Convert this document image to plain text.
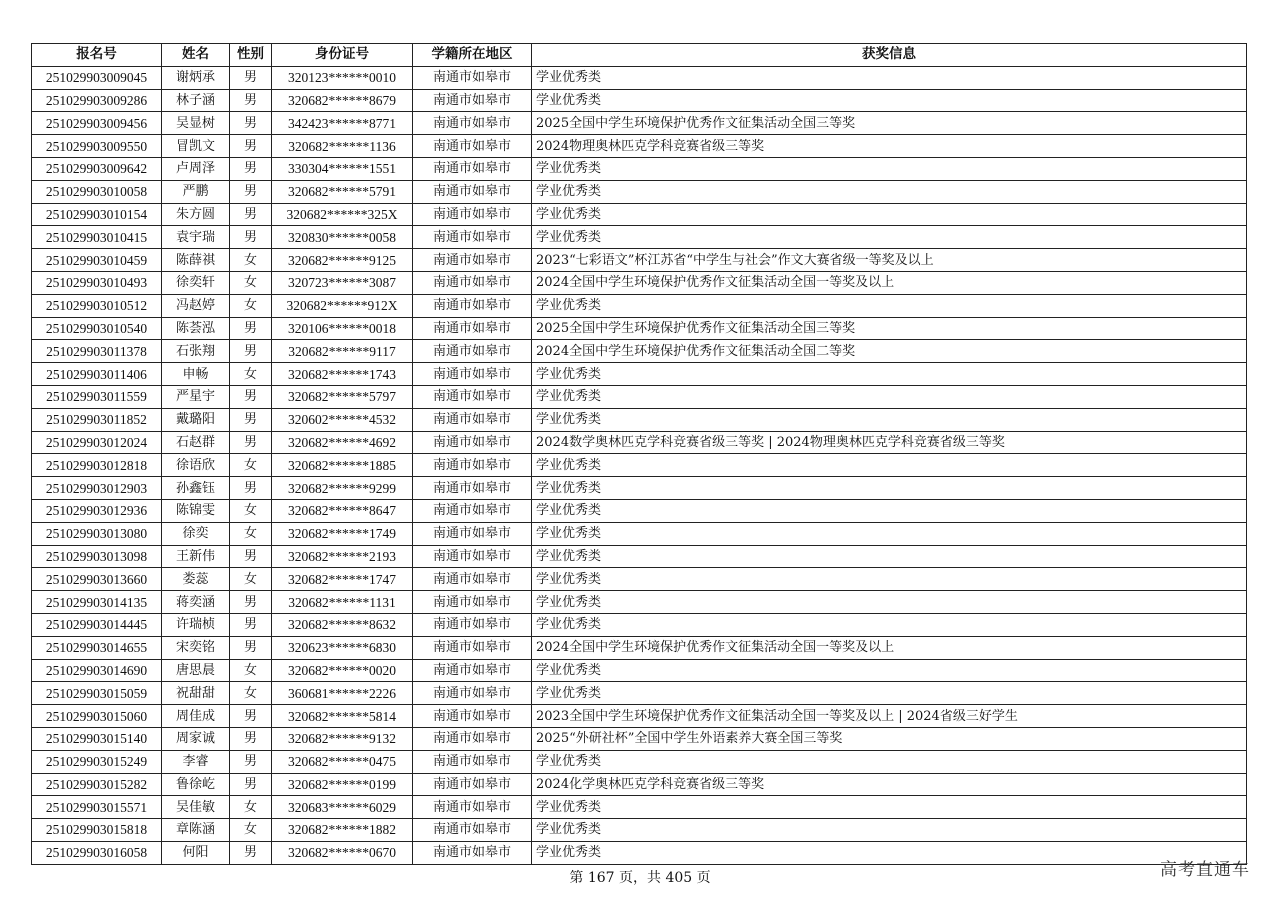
报名号	姓名	性别	身份证号	学籍所在地区	获奖信息
251029903009045	谢炳承	男	320123******0010	南通市如皋市	学业优秀类
251029903009286	林子涵	男	320682******8679	南通市如皋市	学业优秀类
251029903009456	吴显树	男	342423******8771	南通市如皋市	2025全国中学生环境保护优秀作文征集活动全国三等奖
251029903009550	冒凯文	男	320682******1136	南通市如皋市	2024物理奥林匹克学科竞赛省级三等奖
251029903009642	卢周泽	男	330304******1551	南通市如皋市	学业优秀类
251029903010058	严鹏	男	320682******5791	南通市如皋市	学业优秀类
251029903010154	朱方圆	男	320682******325X	南通市如皋市	学业优秀类
251029903010415	袁宇瑞	男	320830******0058	南通市如皋市	学业优秀类
251029903010459	陈薛祺	女	320682******9125	南通市如皋市	2023“七彩语文”杯江苏省“中学生与社会”作文大赛省级一等奖及以上
251029903010493	徐奕轩	女	320723******3087	南通市如皋市	2024全国中学生环境保护优秀作文征集活动全国一等奖及以上
251029903010512	冯赵婷	女	320682******912X	南通市如皋市	学业优秀类
251029903010540	陈荟泓	男	320106******0018	南通市如皋市	2025全国中学生环境保护优秀作文征集活动全国三等奖
251029903011378	石张翔	男	320682******9117	南通市如皋市	2024全国中学生环境保护优秀作文征集活动全国二等奖
251029903011406	申畅	女	320682******1743	南通市如皋市	学业优秀类
251029903011559	严星宇	男	320682******5797	南通市如皋市	学业优秀类
251029903011852	戴璐阳	男	320602******4532	南通市如皋市	学业优秀类
251029903012024	石赵群	男	320682******4692	南通市如皋市	2024数学奥林匹克学科竞赛省级三等奖 | 2024物理奥林匹克学科竞赛省级三等奖
251029903012818	徐语欣	女	320682******1885	南通市如皋市	学业优秀类
251029903012903	孙鑫钰	男	320682******9299	南通市如皋市	学业优秀类
251029903012936	陈锦雯	女	320682******8647	南通市如皋市	学业优秀类
251029903013080	徐奕	女	320682******1749	南通市如皋市	学业优秀类
251029903013098	王新伟	男	320682******2193	南通市如皋市	学业优秀类
251029903013660	娄蕊	女	320682******1747	南通市如皋市	学业优秀类
251029903014135	蒋奕涵	男	320682******1131	南通市如皋市	学业优秀类
251029903014445	许瑞桢	男	320682******8632	南通市如皋市	学业优秀类
251029903014655	宋奕铭	男	320623******6830	南通市如皋市	2024全国中学生环境保护优秀作文征集活动全国一等奖及以上
251029903014690	唐思晨	女	320682******0020	南通市如皋市	学业优秀类
251029903015059	祝甜甜	女	360681******2226	南通市如皋市	学业优秀类
251029903015060	周佳成	男	320682******5814	南通市如皋市	2023全国中学生环境保护优秀作文征集活动全国一等奖及以上 | 2024省级三好学生
251029903015140	周家诚	男	320682******9132	南通市如皋市	2025“外研社杯”全国中学生外语素养大赛全国三等奖
251029903015249	李睿	男	320682******0475	南通市如皋市	学业优秀类
251029903015282	鲁徐屹	男	320682******0199	南通市如皋市	2024化学奥林匹克学科竞赛省级三等奖
251029903015571	吴佳敏	女	320683******6029	南通市如皋市	学业优秀类
251029903015818	章陈涵	女	320682******1882	南通市如皋市	学业优秀类
251029903016058	何阳	男	320682******0670	南通市如皋市	学业优秀类
第 167 页，共 405 页	高考直通车
